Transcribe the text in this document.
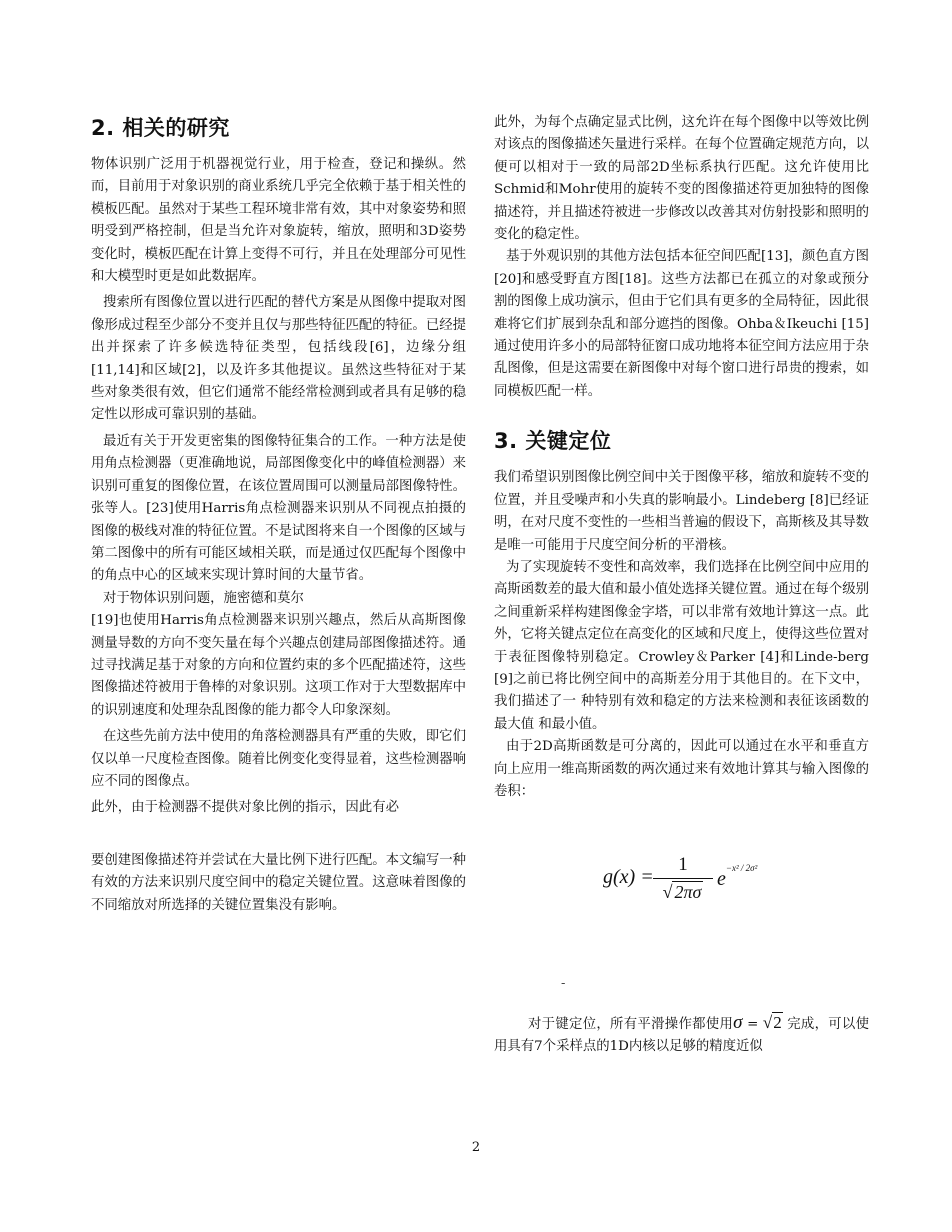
2. 相关的研究

物体识别广泛用于机器视觉行业，用于检查，登记和操纵。然而，目前用于对象识别的商业系统几乎完全依赖于基于相关性的模板匹配。虽然对于某些工程环境非常有效，其中对象姿势和照明受到严格控制，但是当允许对象旋转，缩放，照明和3D姿势变化时，模板匹配在计算上变得不可行，并且在处理部分可见性和大模型时更是如此数据库。

搜索所有图像位置以进行匹配的替代方案是从图像中提取对图像形成过程至少部分不变并且仅与那些特征匹配的特征。已经提出并探索了许多候选特征类型，包括线段[6]，边缘分组[11,14]和区域[2]，以及许多其他提议。虽然这些特征对于某些对象类很有效，但它们通常不能经常检测到或者具有足够的稳定性以形成可靠识别的基础。

最近有关于开发更密集的图像特征集合的工作。一种方法是使用角点检测器（更准确地说，局部图像变化中的峰值检测器）来识别可重复的图像位置，在该位置周围可以测量局部图像特性。张等人。[23]使用Harris角点检测器来识别从不同视点拍摄的图像的极线对准的特征位置。不是试图将来自一个图像的区域与第二图像中的所有可能区域相关联，而是通过仅匹配每个图像中的角点中心的区域来实现计算时间的大量节省。

对于物体识别问题，施密德和莫尔

[19]也使用Harris角点检测器来识别兴趣点，然后从高斯图像测量导数的方向不变矢量在每个兴趣点创建局部图像描述符。通过寻找满足基于对象的方向和位置约束的多个匹配描述符，这些图像描述符被用于鲁棒的对象识别。这项工作对于大型数据库中的识别速度和处理杂乱图像的能力都令人印象深刻。

在这些先前方法中使用的角落检测器具有严重的失败，即它们仅以单一尺度检查图像。随着比例变化变得显着，这些检测器响应不同的图像点。

此外，由于检测器不提供对象比例的指示，因此有必

要创建图像描述符并尝试在大量比例下进行匹配。本文编写一种有效的方法来识别尺度空间中的稳定关键位置。这意味着图像的不同缩放对所选择的关键位置集没有影响。

此外，为每个点确定显式比例，这允许在每个图像中以等效比例对该点的图像描述矢量进行采样。在每个位置确定规范方向，以便可以相对于一致的局部2D坐标系执行匹配。这允许使用比Schmid和Mohr使用的旋转不变的图像描述符更加独特的图像描述符，并且描述符被进一步修改以改善其对仿射投影和照明的变化的稳定性。

基于外观识别的其他方法包括本征空间匹配[13]，颜色直方图[20]和感受野直方图[18]。这些方法都已在孤立的对象或预分割的图像上成功演示，但由于它们具有更多的全局特征，因此很难将它们扩展到杂乱和部分遮挡的图像。Ohba＆Ikeuchi [15]通过使用许多小的局部特征窗口成功地将本征空间方法应用于杂乱图像，但是这需要在新图像中对每个窗口进行昂贵的搜索，如同模板匹配一样。

3. 关键定位

我们希望识别图像比例空间中关于图像平移，缩放和旋转不变的位置，并且受噪声和小失真的影响最小。Lindeberg [8]已经证明，在对尺度不变性的一些相当普遍的假设下，高斯核及其导数是唯一可能用于尺度空间分析的平滑核。

为了实现旋转不变性和高效率，我们选择在比例空间中应用的高斯函数差的最大值和最小值处选择关键位置。通过在每个级别之间重新采样构建图像金字塔，可以非常有效地计算这一点。此外，它将关键点定位在高变化的区域和尺度上，使得这些位置对于表征图像特别稳定。Crowley＆Parker [4]和Linde-berg [9]之前已将比例空间中的高斯差分用于其他目的。在下文中，我们描述了一 种特别有效和稳定的方法来检测和表征该函数的最大值 和最小值。

由于2D高斯函数是可分离的，因此可以通过在水平和垂直方向上应用一维高斯函数的两次通过来有效地计算其与输入图像的卷积：

g(x) =
1
√ 2πσ
$e^{-x^2 / 2\sigma^2}$
-

对于键定位，所有平滑操作都使用σ = √2 完成，可以使用具有7个采样点的1D内核以足够的精度近似

2
